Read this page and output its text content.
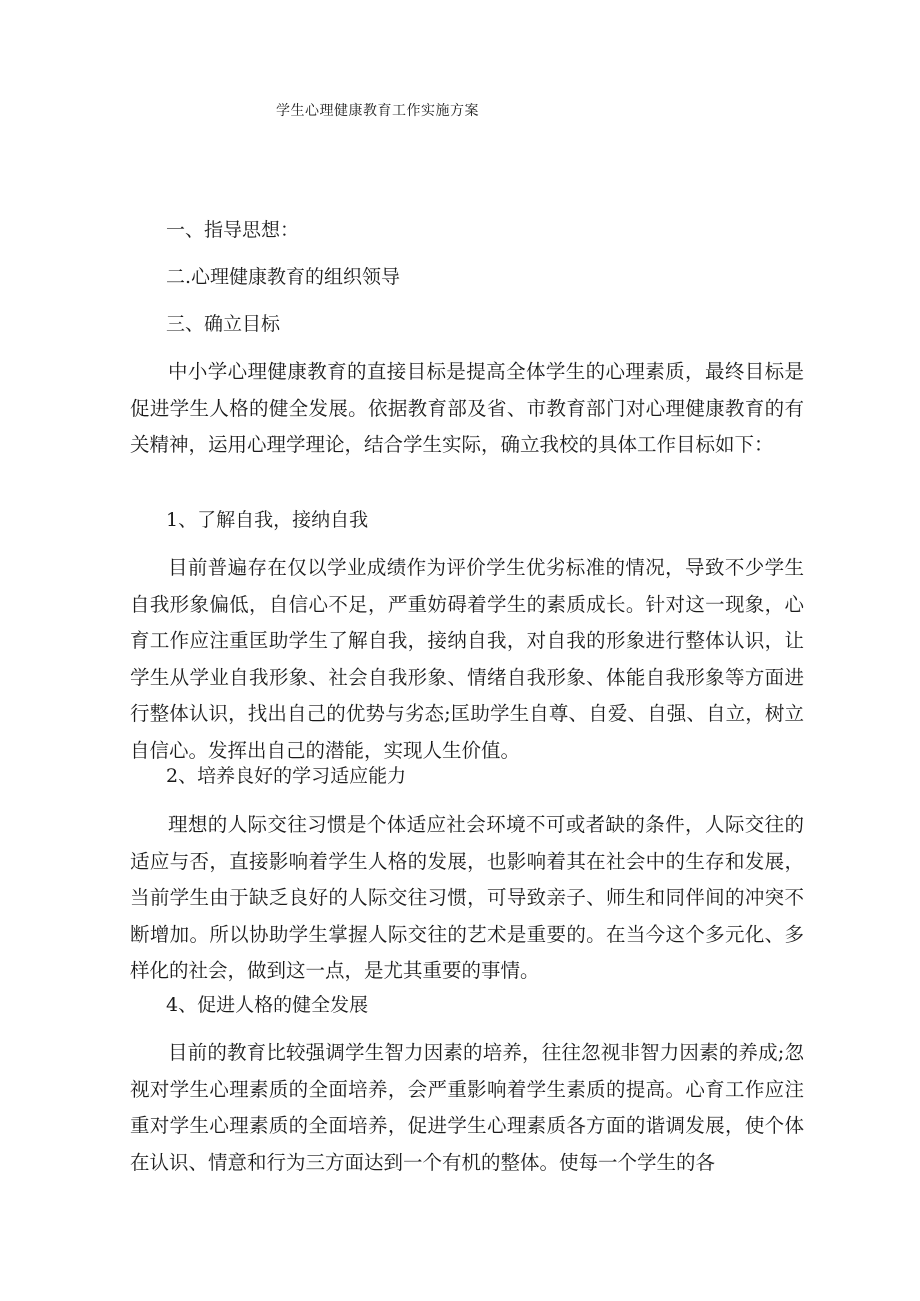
学生心理健康教育工作实施方案
一、指导思想：
二.心理健康教育的组织领导
三、确立目标

中小学心理健康教育的直接目标是提高全体学生的心理素质，最终目标是促进学生人格的健全发展。依据教育部及省、市教育部门对心理健康教育的有关精神，运用心理学理论，结合学生实际，确立我校的具体工作目标如下：

1、了解自我，接纳自我

目前普遍存在仅以学业成绩作为评价学生优劣标准的情况，导致不少学生自我形象偏低，自信心不足，严重妨碍着学生的素质成长。针对这一现象，心育工作应注重匡助学生了解自我，接纳自我，对自我的形象进行整体认识，让学生从学业自我形象、社会自我形象、情绪自我形象、体能自我形象等方面进行整体认识，找出自己的优势与劣态;匡助学生自尊、自爱、自强、自立，树立自信心。发挥出自己的潜能，实现人生价值。

2、培养良好的学习适应能力

理想的人际交往习惯是个体适应社会环境不可或者缺的条件，人际交往的适应与否，直接影响着学生人格的发展，也影响着其在社会中的生存和发展，当前学生由于缺乏良好的人际交往习惯，可导致亲子、师生和同伴间的冲突不断增加。所以协助学生掌握人际交往的艺术是重要的。在当今这个多元化、多样化的社会，做到这一点，是尤其重要的事情。

4、促进人格的健全发展

目前的教育比较强调学生智力因素的培养，往往忽视非智力因素的养成;忽视对学生心理素质的全面培养，会严重影响着学生素质的提高。心育工作应注重对学生心理素质的全面培养，促进学生心理素质各方面的谐调发展，使个体在认识、情意和行为三方面达到一个有机的整体。使每一个学生的各
